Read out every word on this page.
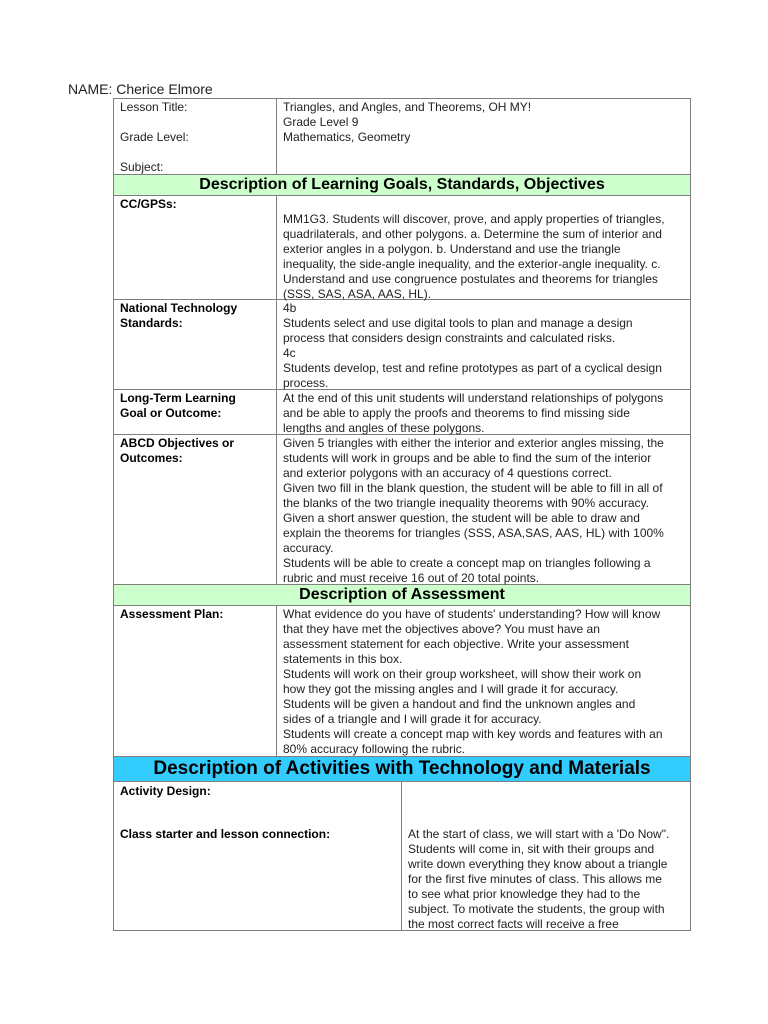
NAME: Cherice Elmore
Lesson Title:
Grade Level:
Subject:
Triangles, and Angles, and Theorems, OH MY!
Grade Level 9
Mathematics, Geometry
Description of Learning Goals, Standards, Objectives
CC/GPSs:
MM1G3. Students will discover, prove, and apply properties of triangles,
quadrilaterals, and other polygons. a. Determine the sum of interior and
exterior angles in a polygon. b. Understand and use the triangle
inequality, the side-angle inequality, and the exterior-angle inequality. c.
Understand and use congruence postulates and theorems for triangles
(SSS, SAS, ASA, AAS, HL).
National Technology
Standards:
4b
Students select and use digital tools to plan and manage a design
process that considers design constraints and calculated risks.
4c
Students develop, test and refine prototypes as part of a cyclical design
process.
Long-Term Learning
Goal or Outcome:
At the end of this unit students will understand relationships of polygons
and be able to apply the proofs and theorems to find missing side
lengths and angles of these polygons.
ABCD Objectives or
Outcomes:
Given 5 triangles with either the interior and exterior angles missing, the
students will work in groups and be able to find the sum of the interior
and exterior polygons with an accuracy of 4 questions correct.
Given two fill in the blank question, the student will be able to fill in all of
the blanks of the two triangle inequality theorems with 90% accuracy.
Given a short answer question, the student will be able to draw and
explain the theorems for triangles (SSS, ASA,SAS, AAS, HL) with 100%
accuracy.
Students will be able to create a concept map on triangles following a
rubric and must receive 16 out of 20 total points.
Description of Assessment
Assessment Plan:	What evidence do you have of students' understanding? How will know
that they have met the objectives above? You must have an
assessment statement for each objective. Write your assessment
statements in this box.
Students will work on their group worksheet, will show their work on
how they got the missing angles and I will grade it for accuracy.
Students will be given a handout and find the unknown angles and
sides of a triangle and I will grade it for accuracy.
Students will create a concept map with key words and features with an
80% accuracy following the rubric.
Description of Activities with Technology and Materials
Activity Design:
Class starter and lesson connection:	At the start of class, we will start with a 'Do Now".
Students will come in, sit with their groups and
write down everything they know about a triangle
for the first five minutes of class. This allows me
to see what prior knowledge they had to the
subject. To motivate the students, the group with
the most correct facts will receive a free
